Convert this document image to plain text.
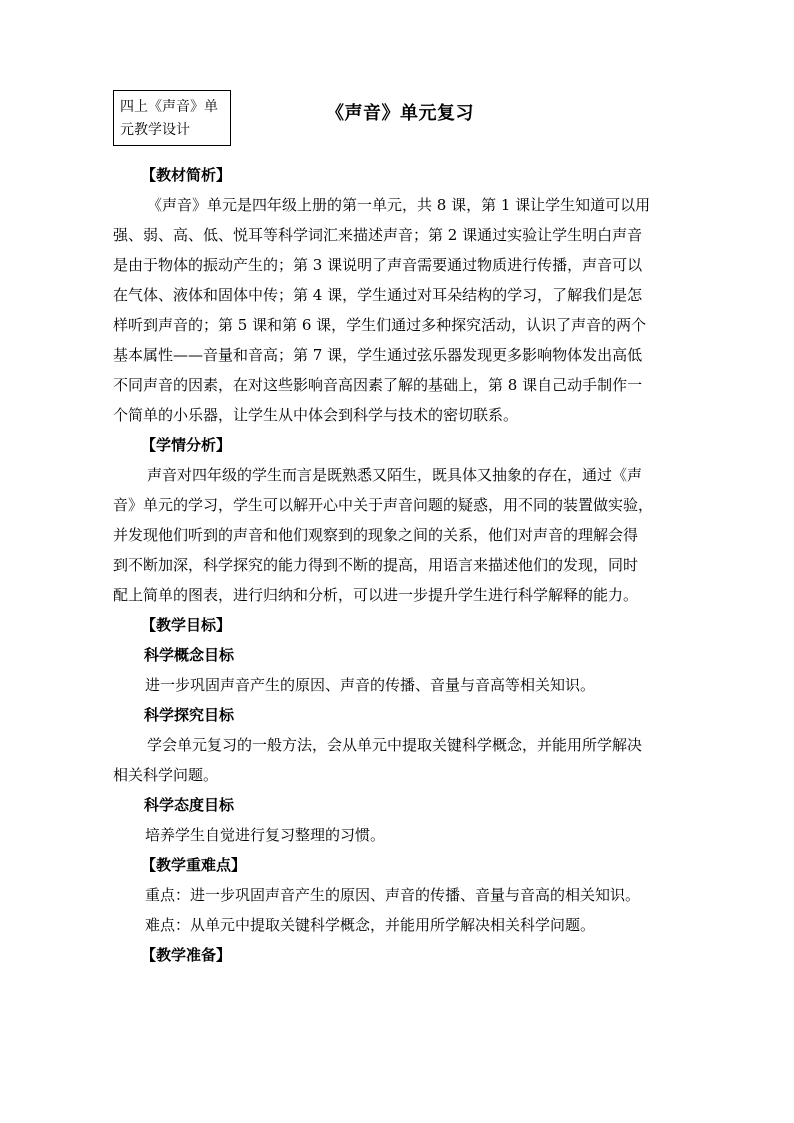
四上《声音》单
元教学设计
《声音》单元复习
【教材简析】
《声音》单元是四年级上册的第一单元，共 8 课，第 1 课让学生知道可以用
强、弱、高、低、悦耳等科学词汇来描述声音；第 2 课通过实验让学生明白声音
是由于物体的振动产生的；第 3 课说明了声音需要通过物质进行传播，声音可以
在气体、液体和固体中传；第 4 课，学生通过对耳朵结构的学习，了解我们是怎
样听到声音的；第 5 课和第 6 课，学生们通过多种探究活动，认识了声音的两个
基本属性——音量和音高；第 7 课，学生通过弦乐器发现更多影响物体发出高低
不同声音的因素，在对这些影响音高因素了解的基础上，第 8 课自己动手制作一
个简单的小乐器，让学生从中体会到科学与技术的密切联系。
【学情分析】
声音对四年级的学生而言是既熟悉又陌生，既具体又抽象的存在，通过《声
音》单元的学习，学生可以解开心中关于声音问题的疑惑，用不同的装置做实验，
并发现他们听到的声音和他们观察到的现象之间的关系，他们对声音的理解会得
到不断加深，科学探究的能力得到不断的提高，用语言来描述他们的发现，同时
配上简单的图表，进行归纳和分析，可以进一步提升学生进行科学解释的能力。
【教学目标】
科学概念目标

进一步巩固声音产生的原因、声音的传播、音量与音高等相关知识。

科学探究目标
学会单元复习的一般方法，会从单元中提取关键科学概念，并能用所学解决
相关科学问题。
科学态度目标

培养学生自觉进行复习整理的习惯。

【教学重难点】

重点：进一步巩固声音产生的原因、声音的传播、音量与音高的相关知识。

难点：从单元中提取关键科学概念，并能用所学解决相关科学问题。

【教学准备】
